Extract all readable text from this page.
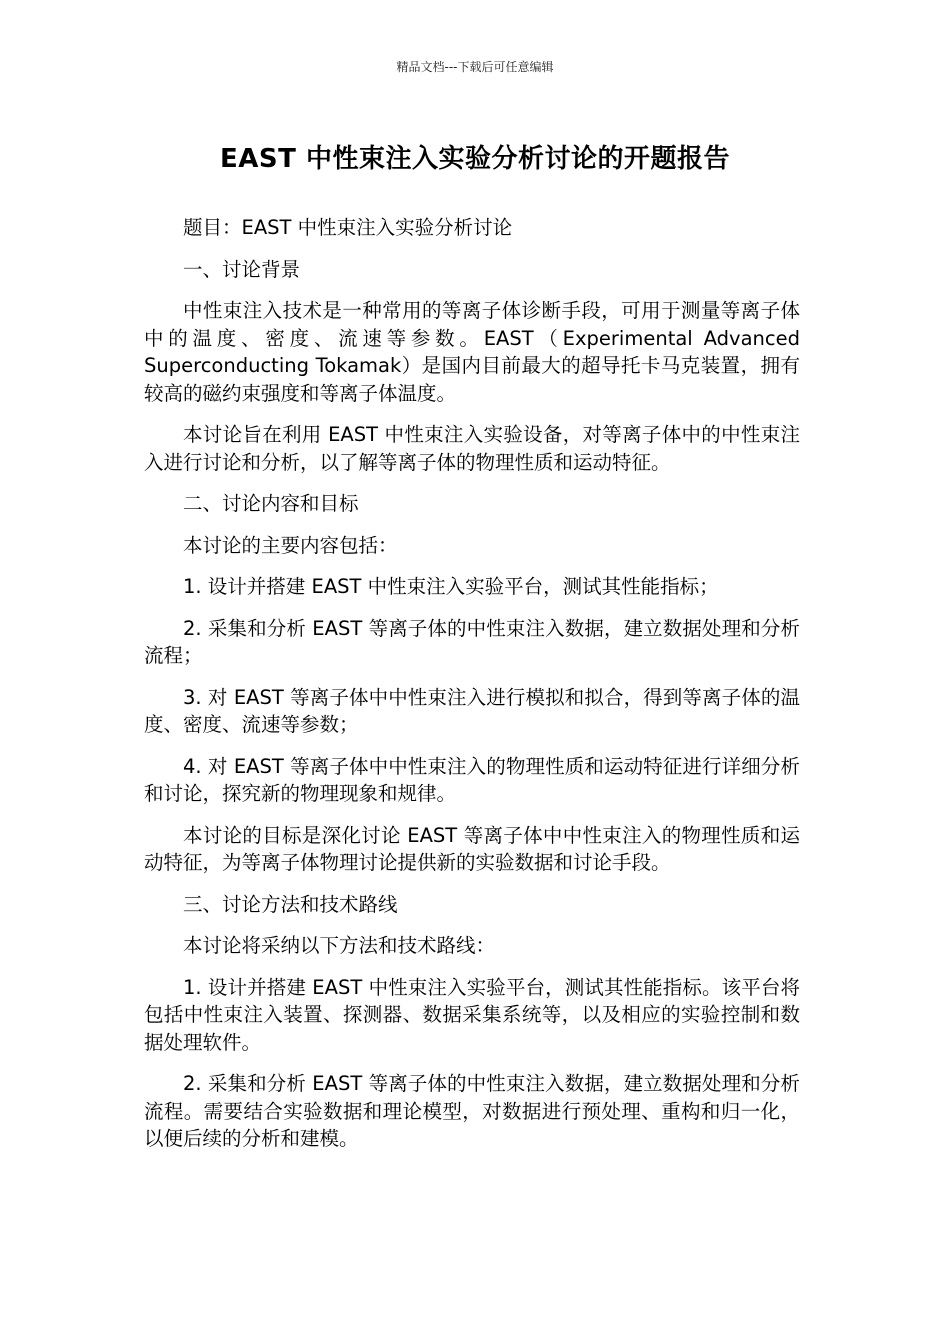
精品文档---下载后可任意编辑
EAST 中性束注入实验分析讨论的开题报告

题目：EAST 中性束注入实验分析讨论

一、讨论背景

中性束注入技术是一种常用的等离子体诊断手段，可用于测量等离子体中的温度、密度、流速等参数。EAST（Experimental Advanced Superconducting Tokamak）是国内目前最大的超导托卡马克装置，拥有较高的磁约束强度和等离子体温度。

本讨论旨在利用 EAST 中性束注入实验设备，对等离子体中的中性束注入进行讨论和分析，以了解等离子体的物理性质和运动特征。

二、讨论内容和目标

本讨论的主要内容包括：

1. 设计并搭建 EAST 中性束注入实验平台，测试其性能指标；

2. 采集和分析 EAST 等离子体的中性束注入数据，建立数据处理和分析流程；

3. 对 EAST 等离子体中中性束注入进行模拟和拟合，得到等离子体的温度、密度、流速等参数；

4. 对 EAST 等离子体中中性束注入的物理性质和运动特征进行详细分析和讨论，探究新的物理现象和规律。

本讨论的目标是深化讨论 EAST 等离子体中中性束注入的物理性质和运动特征，为等离子体物理讨论提供新的实验数据和讨论手段。

三、讨论方法和技术路线

本讨论将采纳以下方法和技术路线：

1. 设计并搭建 EAST 中性束注入实验平台，测试其性能指标。该平台将包括中性束注入装置、探测器、数据采集系统等，以及相应的实验控制和数据处理软件。

2. 采集和分析 EAST 等离子体的中性束注入数据，建立数据处理和分析流程。需要结合实验数据和理论模型，对数据进行预处理、重构和归一化，以便后续的分析和建模。
